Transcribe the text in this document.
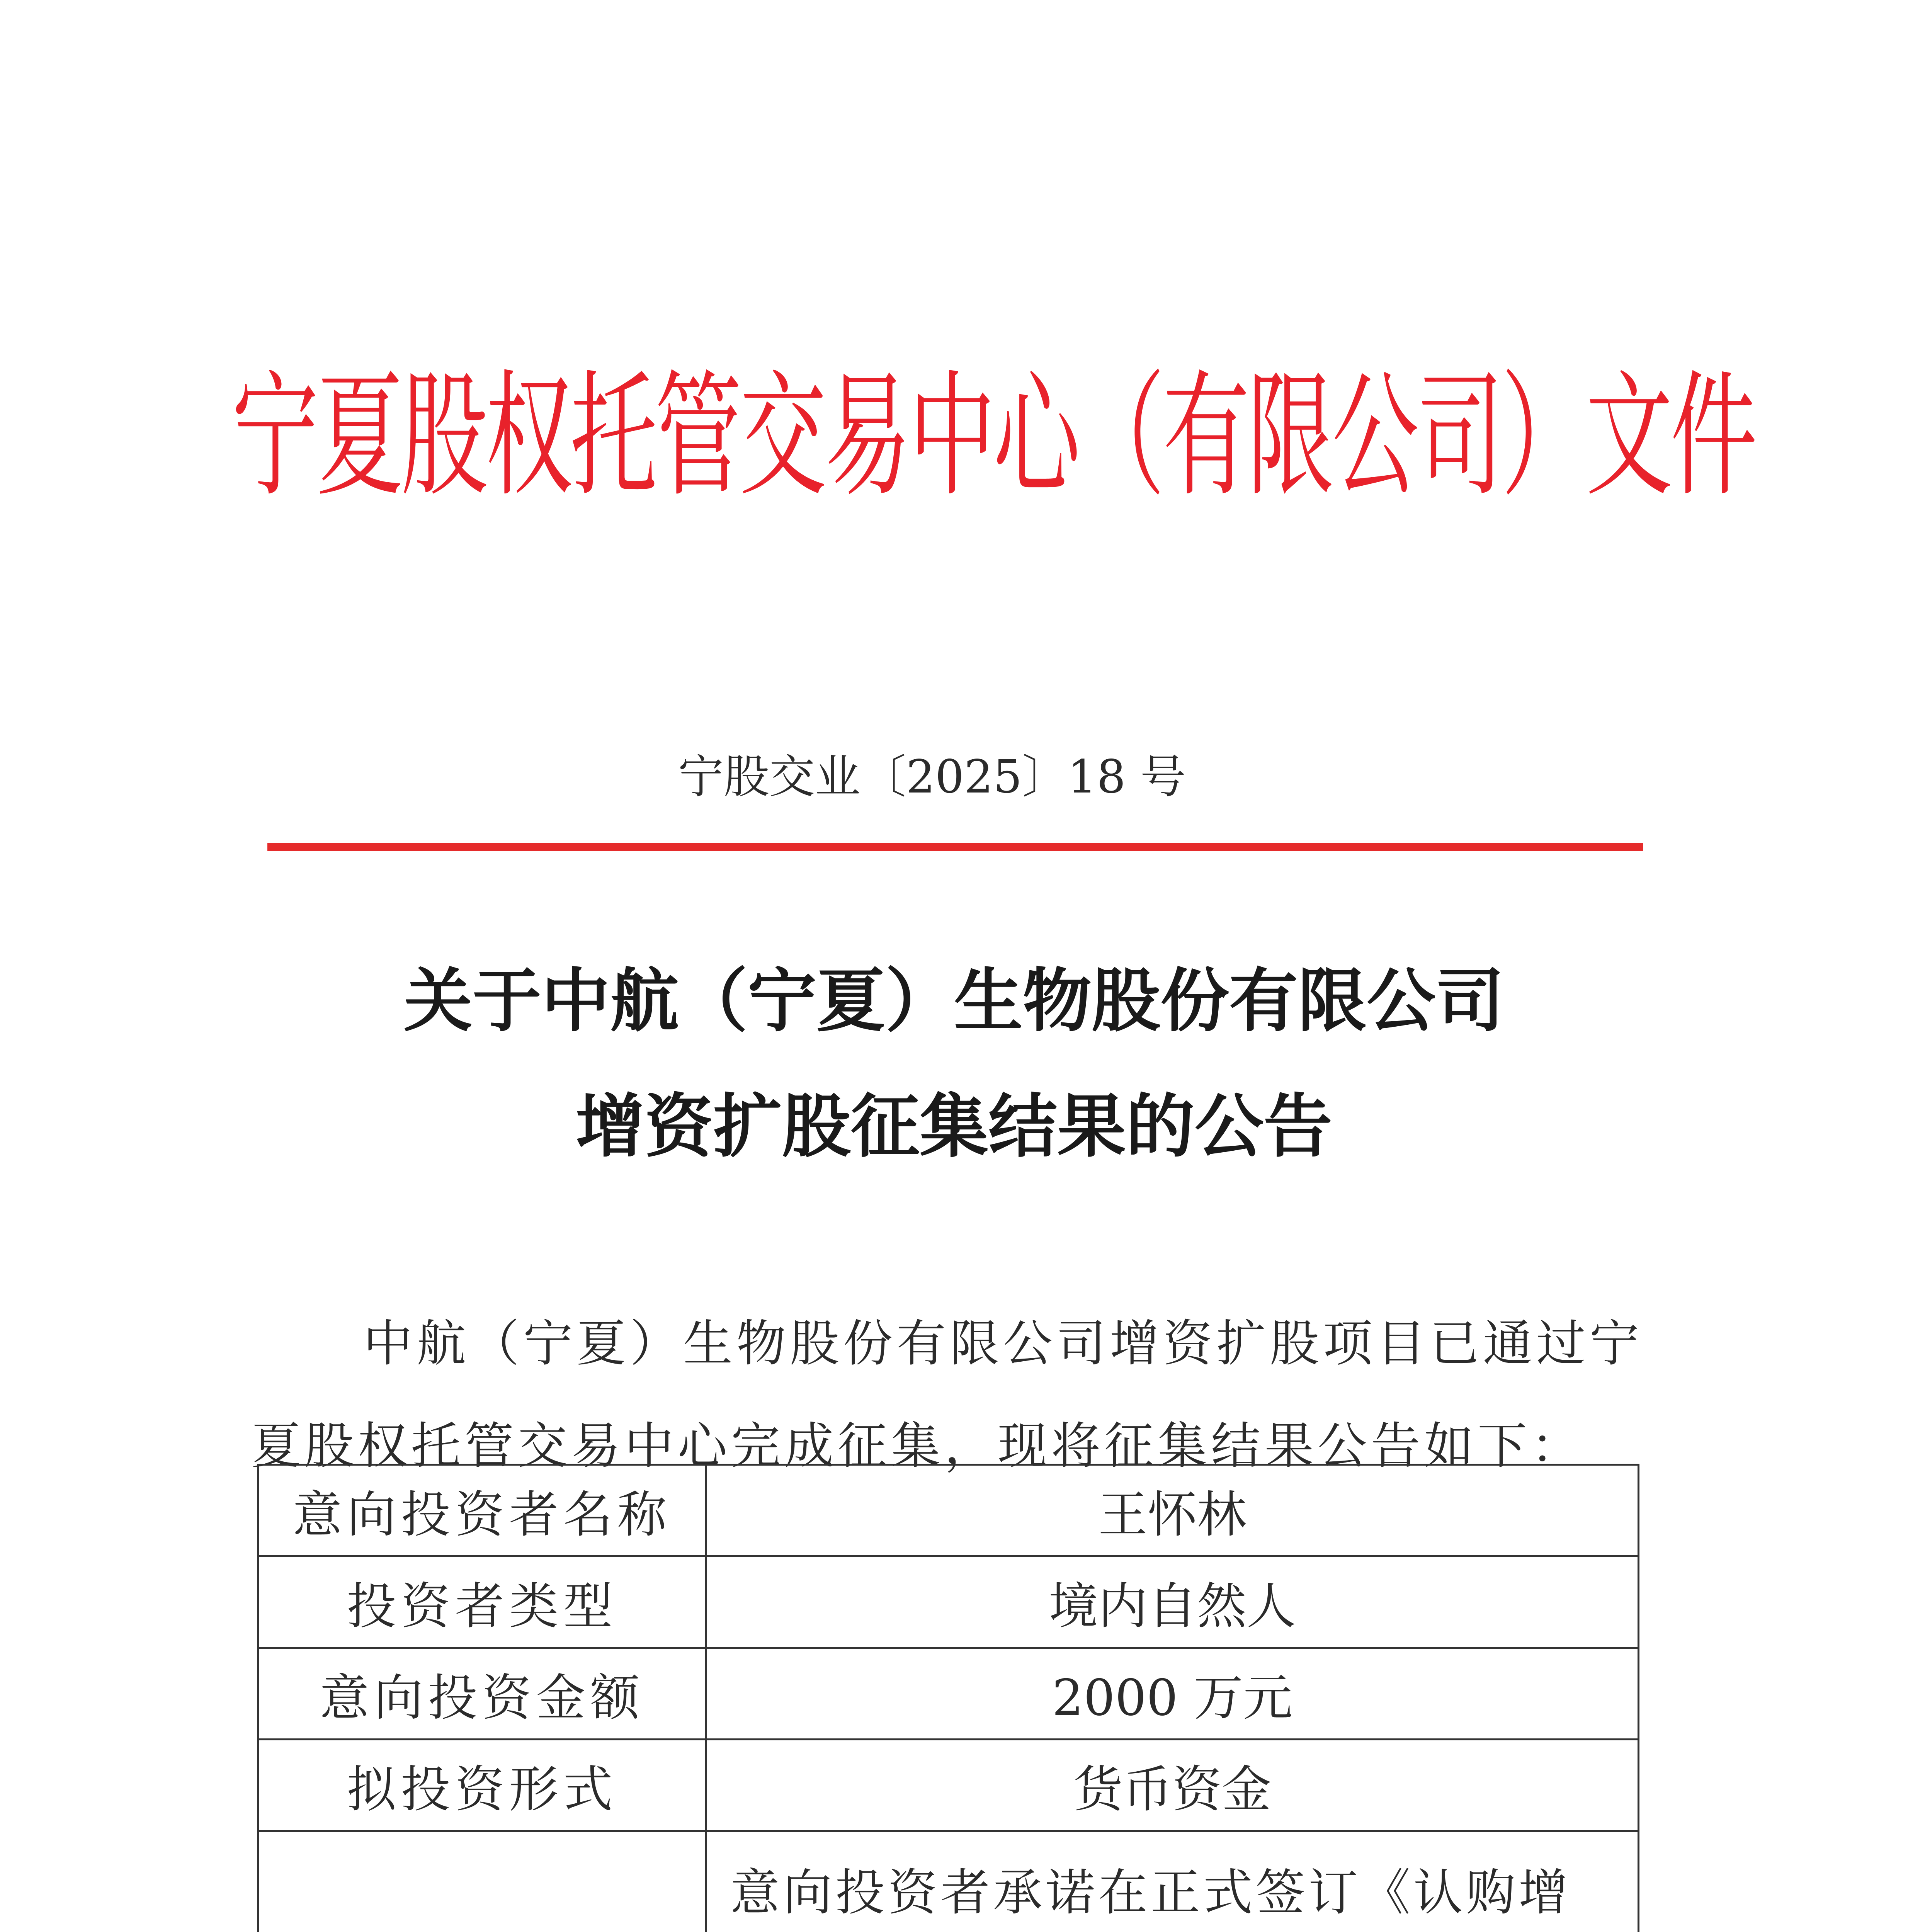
宁夏股权托管交易中心（有限公司）文件
宁股交业〔2025〕18 号
关于中航（宁夏）生物股份有限公司
增资扩股征集结果的公告
中航（宁夏）生物股份有限公司增资扩股项目已通过宁夏股权托管交易中心完成征集，现将征集结果公告如下：
意向投资者名称	王怀林
投资者类型	境内自然人
意向投资金额	2000 万元
拟投资形式	货币资金
	意向投资者承诺在正式签订《认购增
